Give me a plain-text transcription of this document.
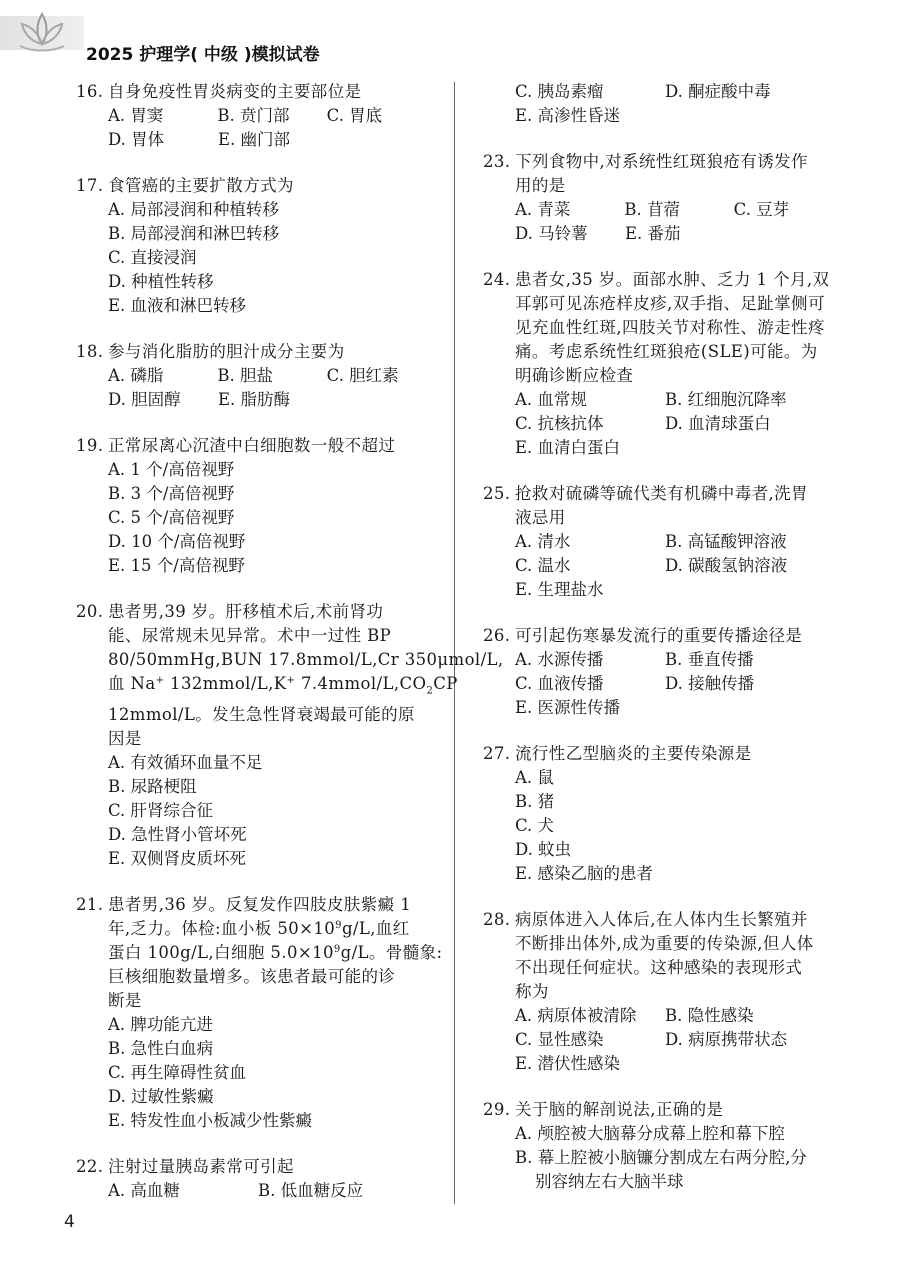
2025 护理学( 中级 )模拟试卷
16. 自身免疫性胃炎病变的主要部位是
A. 胃窦	B. 贲门部	C. 胃底
D. 胃体	E. 幽门部
17. 食管癌的主要扩散方式为
A. 局部浸润和种植转移
B. 局部浸润和淋巴转移
C. 直接浸润
D. 种植性转移
E. 血液和淋巴转移
18. 参与消化脂肪的胆汁成分主要为
A. 磷脂	B. 胆盐	C. 胆红素
D. 胆固醇	E. 脂肪酶
19. 正常尿离心沉渣中白细胞数一般不超过
A. 1 个/高倍视野
B. 3 个/高倍视野
C. 5 个/高倍视野
D. 10 个/高倍视野
E. 15 个/高倍视野
20. 患者男,39 岁。肝移植术后,术前肾功
能、尿常规未见异常。术中一过性 BP
80/50mmHg,BUN 17.8mmol/L,Cr 350μmol/L,
血 Na+ 132mmol/L,K+ $7.4mmol/L,CO_2CP$
12mmol/L。发生急性肾衰竭最可能的原
因是
A. 有效循环血量不足
B. 尿路梗阻
C. 肝肾综合征
D. 急性肾小管坏死
E. 双侧肾皮质坏死
21. 患者男,36 岁。反复发作四肢皮肤紫癜 1
年,乏力。体检:血小板 $50\times 10^9g/L$,血红
蛋白 100g/L,白细胞 $5.0\times 10^9g/L$。骨髓象:
巨核细胞数量增多。该患者最可能的诊
断是
A. 脾功能亢进
B. 急性白血病
C. 再生障碍性贫血
D. 过敏性紫癜
E. 特发性血小板减少性紫癜
22. 注射过量胰岛素常可引起
A. 高血糖	B. 低血糖反应
C. 胰岛素瘤	D. 酮症酸中毒
E. 高渗性昏迷
23. 下列食物中,对系统性红斑狼疮有诱发作
用的是
A. 青菜	B. 苜蓿	C. 豆芽
D. 马铃薯	E. 番茄
24. 患者女,35 岁。面部水肿、乏力 1 个月,双
耳郭可见冻疮样皮疹,双手指、足趾掌侧可
见充血性红斑,四肢关节对称性、游走性疼
痛。考虑系统性红斑狼疮(SLE)可能。为
明确诊断应检查
A. 血常规	B. 红细胞沉降率
C. 抗核抗体	D. 血清球蛋白
E. 血清白蛋白
25. 抢救对硫磷等硫代类有机磷中毒者,洗胃
液忌用
A. 清水	B. 高锰酸钾溶液
C. 温水	D. 碳酸氢钠溶液
E. 生理盐水
26. 可引起伤寒暴发流行的重要传播途径是
A. 水源传播	B. 垂直传播
C. 血液传播	D. 接触传播
E. 医源性传播
27. 流行性乙型脑炎的主要传染源是
A. 鼠
B. 猪
C. 犬
D. 蚊虫
E. 感染乙脑的患者
28. 病原体进入人体后,在人体内生长繁殖并
不断排出体外,成为重要的传染源,但人体
不出现任何症状。这种感染的表现形式
称为
A. 病原体被清除	B. 隐性感染
C. 显性感染	D. 病原携带状态
E. 潜伏性感染
29. 关于脑的解剖说法,正确的是
A. 颅腔被大脑幕分成幕上腔和幕下腔
B. 幕上腔被小脑镰分割成左右两分腔,分
别容纳左右大脑半球
4
